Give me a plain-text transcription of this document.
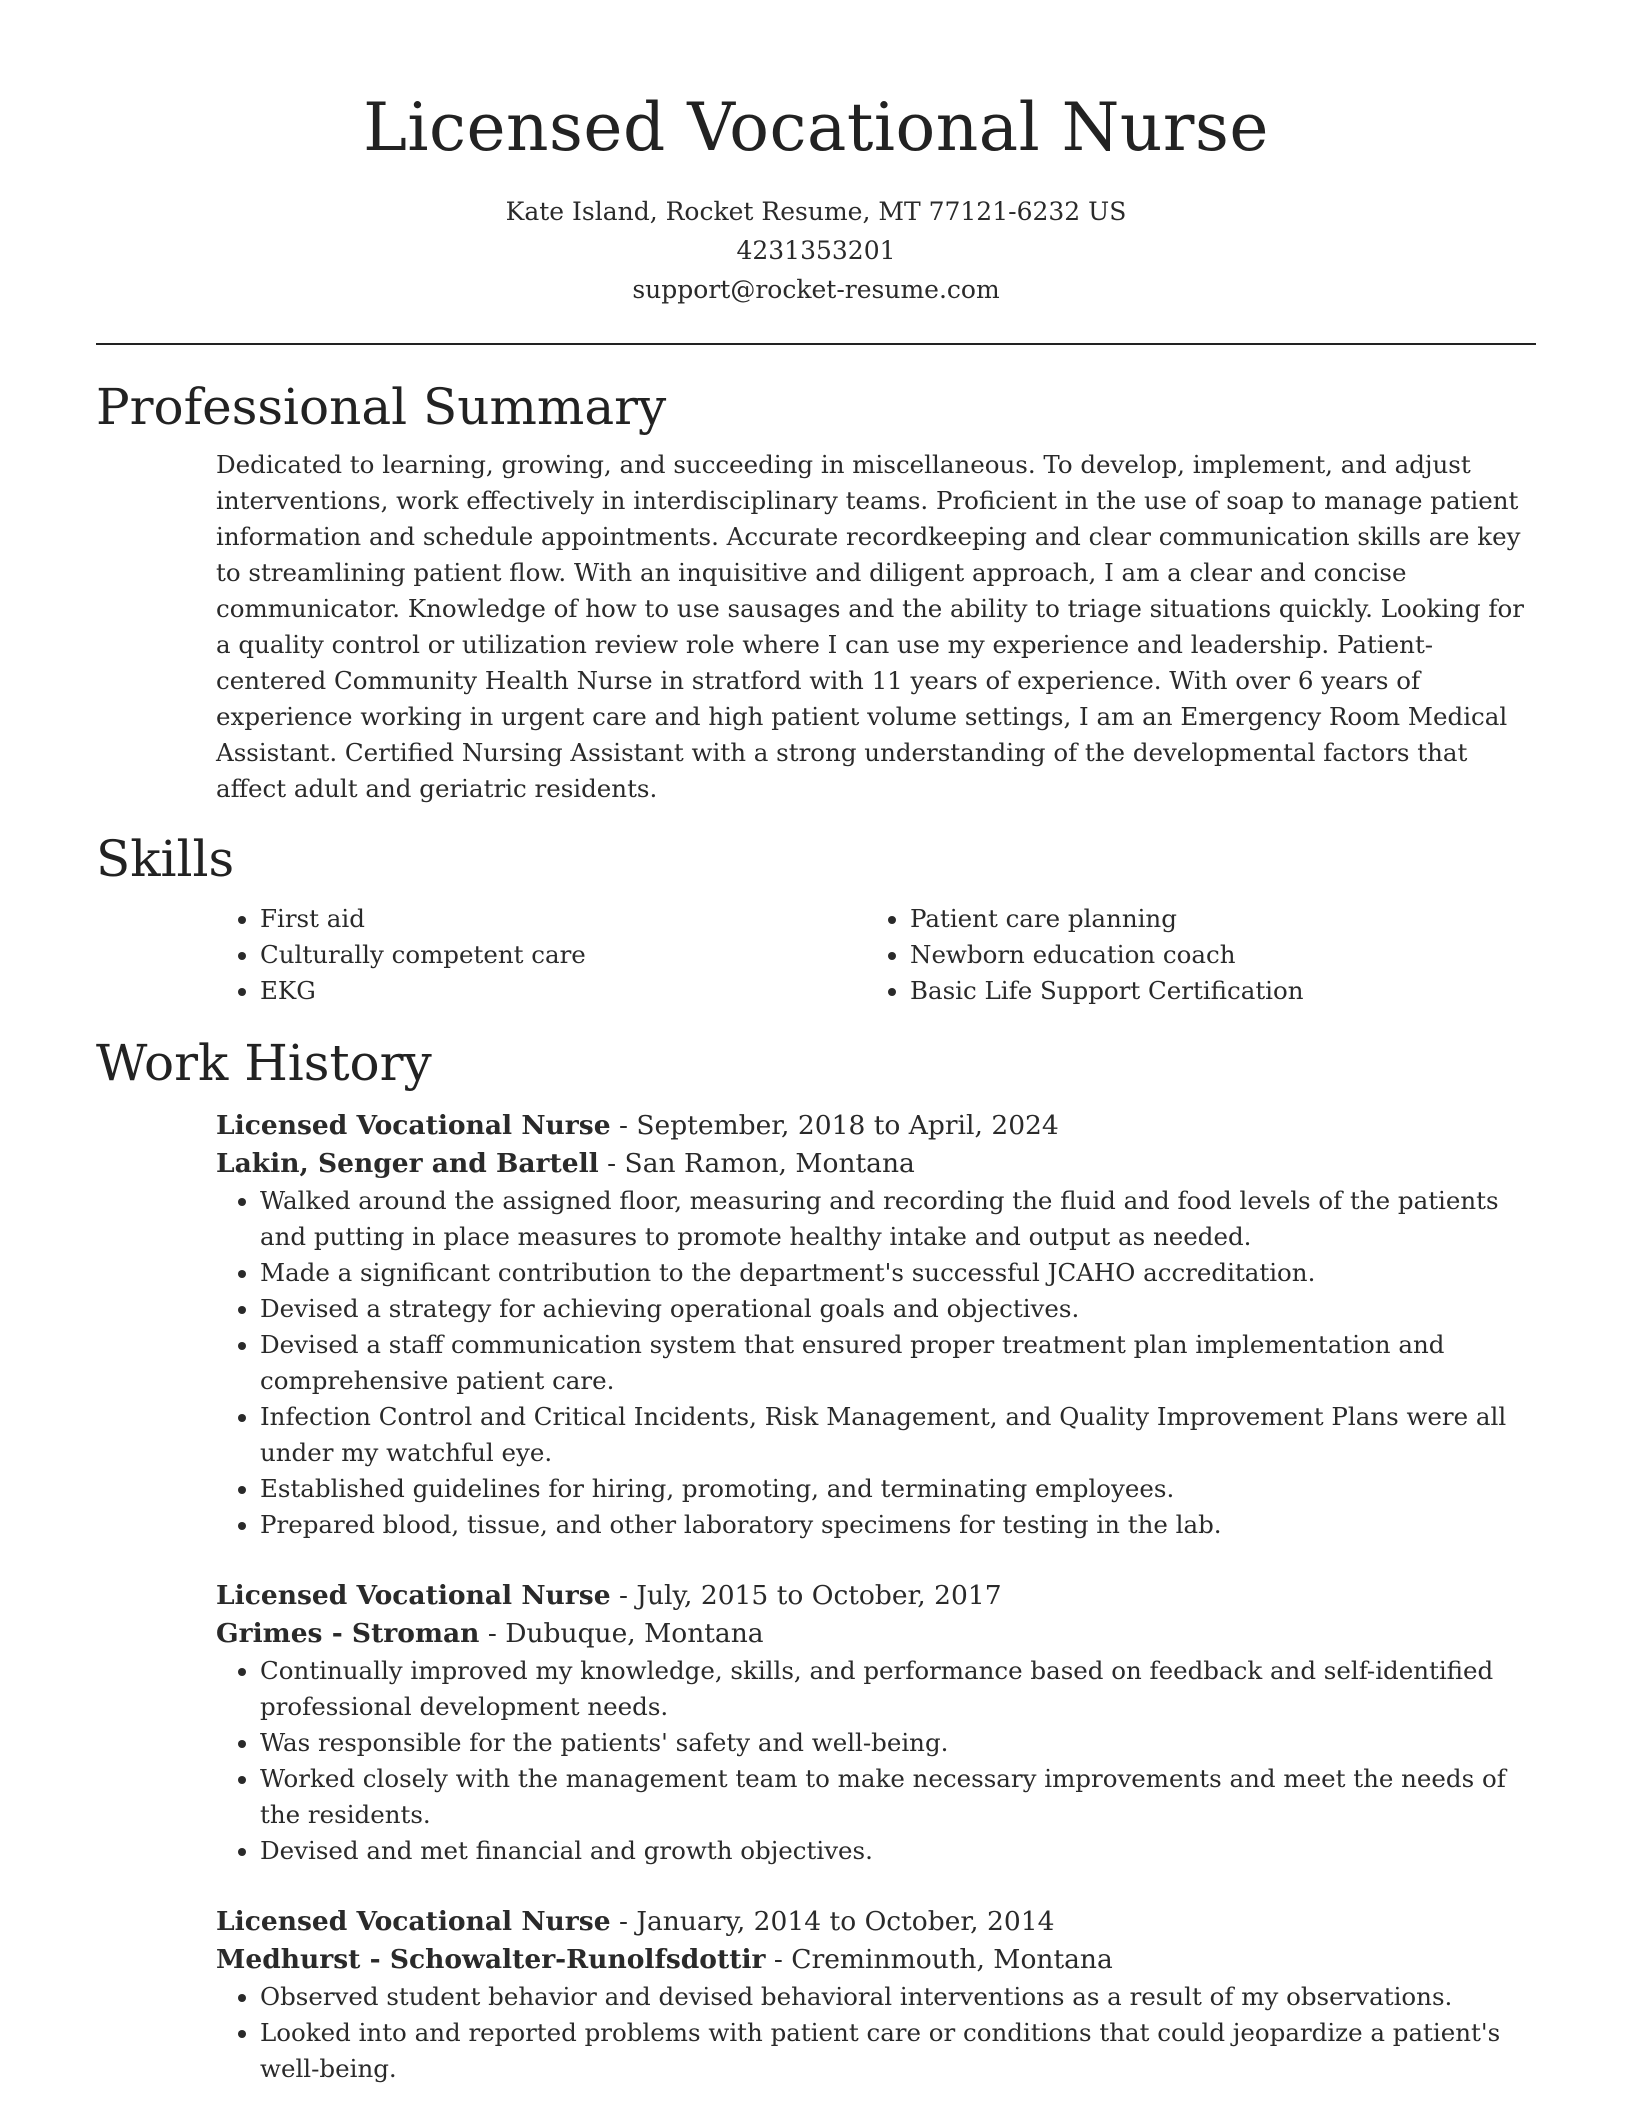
Licensed Vocational Nurse
Kate Island, Rocket Resume, MT 77121-6232 US
4231353201
support@rocket-resume.com
Professional Summary

Dedicated to learning, growing, and succeeding in miscellaneous. To develop, implement, and adjust interventions, work effectively in interdisciplinary teams. Proficient in the use of soap to manage patient information and schedule appointments. Accurate recordkeeping and clear communication skills are key to streamlining patient flow. With an inquisitive and diligent approach, I am a clear and concise communicator. Knowledge of how to use sausages and the ability to triage situations quickly. Looking for a quality control or utilization review role where I can use my experience and leadership. Patient-centered Community Health Nurse in stratford with 11 years of experience. With over 6 years of experience working in urgent care and high patient volume settings, I am an Emergency Room Medical Assistant. Certified Nursing Assistant with a strong understanding of the developmental factors that affect adult and geriatric residents.

Skills
• First aid
• Culturally competent care
• EKG
• Patient care planning
• Newborn education coach
• Basic Life Support Certification
Work History
Licensed Vocational Nurse - September, 2018 to April, 2024
Lakin, Senger and Bartell - San Ramon, Montana
• Walked around the assigned floor, measuring and recording the fluid and food levels of the patients and putting in place measures to promote healthy intake and output as needed.
• Made a significant contribution to the department's successful JCAHO accreditation.
• Devised a strategy for achieving operational goals and objectives.
• Devised a staff communication system that ensured proper treatment plan implementation and comprehensive patient care.
• Infection Control and Critical Incidents, Risk Management, and Quality Improvement Plans were all under my watchful eye.
• Established guidelines for hiring, promoting, and terminating employees.
• Prepared blood, tissue, and other laboratory specimens for testing in the lab.
Licensed Vocational Nurse - July, 2015 to October, 2017
Grimes - Stroman - Dubuque, Montana
• Continually improved my knowledge, skills, and performance based on feedback and self-identified professional development needs.
• Was responsible for the patients' safety and well-being.
• Worked closely with the management team to make necessary improvements and meet the needs of the residents.
• Devised and met financial and growth objectives.
Licensed Vocational Nurse - January, 2014 to October, 2014
Medhurst - Schowalter-Runolfsdottir - Creminmouth, Montana
• Observed student behavior and devised behavioral interventions as a result of my observations.
• Looked into and reported problems with patient care or conditions that could jeopardize a patient's well-being.
